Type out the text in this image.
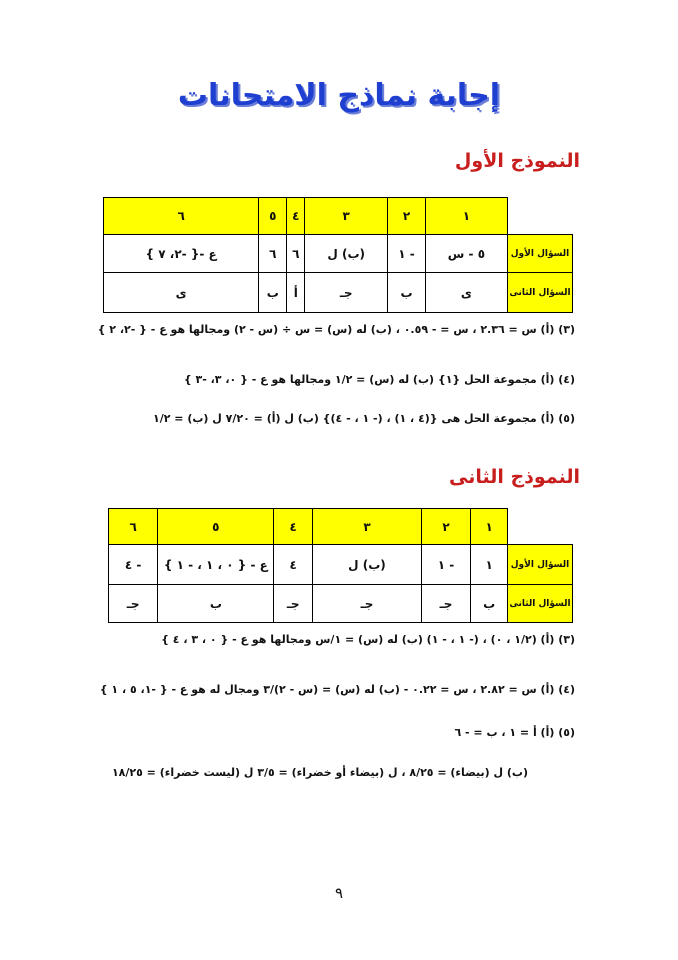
إجابة نماذج الامتحانات
النموذج الأول
	١	٢	٣	٤	٥	٦
السؤال الأول	٥ - س	- ١	(ب) ل	٦	٦	ع -{ -٢، ٧ }
السؤال الثانى	ى	ب	جـ	أ	ب	ى
(٣) (أ) س = ٢.٣٦ ، س = - ٠.٥٩ ، (ب) له (س) = س ÷ (س - ٢) ومجالها هو ع - { -٢، ٢ }
(٤) (أ) مجموعة الحل {١} (ب) له (س) = ١/٢ ومجالها هو ع - { ٠، ٣، -٣ }
(٥) (أ) مجموعة الحل هى {(٤ ، ١) ، (- ١ ، - ٤)} (ب) ل (أ) = ٧/٢٠ ل (ب) = ١/٢
النموذج الثانى
	١	٢	٣	٤	٥	٦
السؤال الأول	١	- ١	(ب) ل	٤	ع - { ٠ ، ١ ، - ١ }	- ٤
السؤال الثانى	ب	جـ	جـ	جـ	ب	جـ
(٣) (أ) (١/٢ ، ٠) ، (- ١ ، - ١) (ب) له (س) = ١/س ومجالها هو ع - { ٠ ، ٣ ، ٤ }
(٤) (أ) س = ٢.٨٢ ، س = ٠.٢٢ - (ب) له (س) = (س - ٢)/٣ ومجال له هو ع - { -١، ٥ ، ١ }
(٥) (أ) أ = ١ ، ب = - ٦
(ب) ل (بيضاء) = ٨/٢٥ ، ل (بيضاء أو خضراء) = ٣/٥ ل (ليست خضراء) = ١٨/٢٥
٩
